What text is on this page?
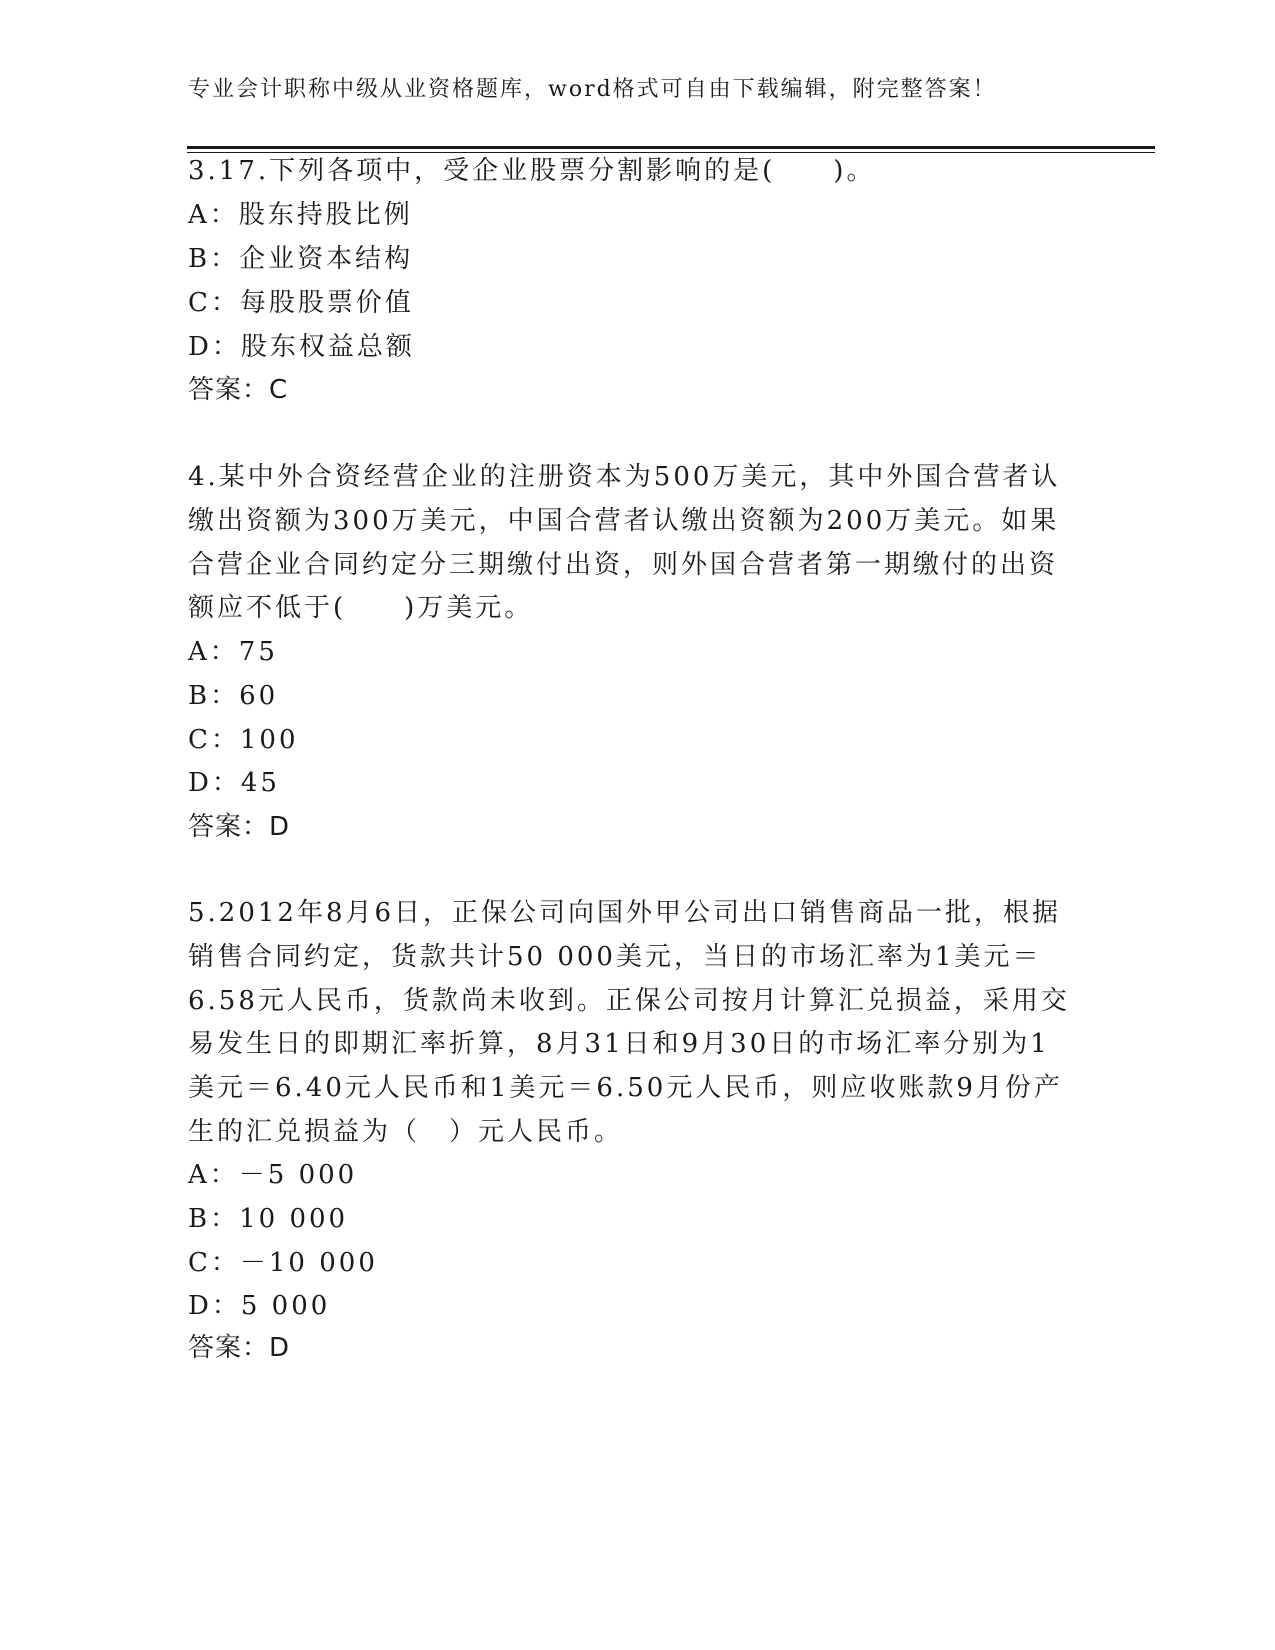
专业会计职称中级从业资格题库，word格式可自由下载编辑，附完整答案！
3.17.下列各项中，受企业股票分割影响的是(　　)。
A：股东持股比例
B：企业资本结构
C：每股股票价值
D：股东权益总额
答案：C
4.某中外合资经营企业的注册资本为500万美元，其中外国合营者认
缴出资额为300万美元，中国合营者认缴出资额为200万美元。如果
合营企业合同约定分三期缴付出资，则外国合营者第一期缴付的出资
额应不低于(　　)万美元。
A：75
B：60
C：100
D：45
答案：D
5.2012年8月6日，正保公司向国外甲公司出口销售商品一批，根据
销售合同约定，货款共计50 000美元，当日的市场汇率为1美元＝
6.58元人民币，货款尚未收到。正保公司按月计算汇兑损益，采用交
易发生日的即期汇率折算，8月31日和9月30日的市场汇率分别为1
美元＝6.40元人民币和1美元＝6.50元人民币，则应收账款9月份产
生的汇兑损益为（　）元人民币。
A：－5 000
B：10 000
C：－10 000
D：5 000
答案：D
